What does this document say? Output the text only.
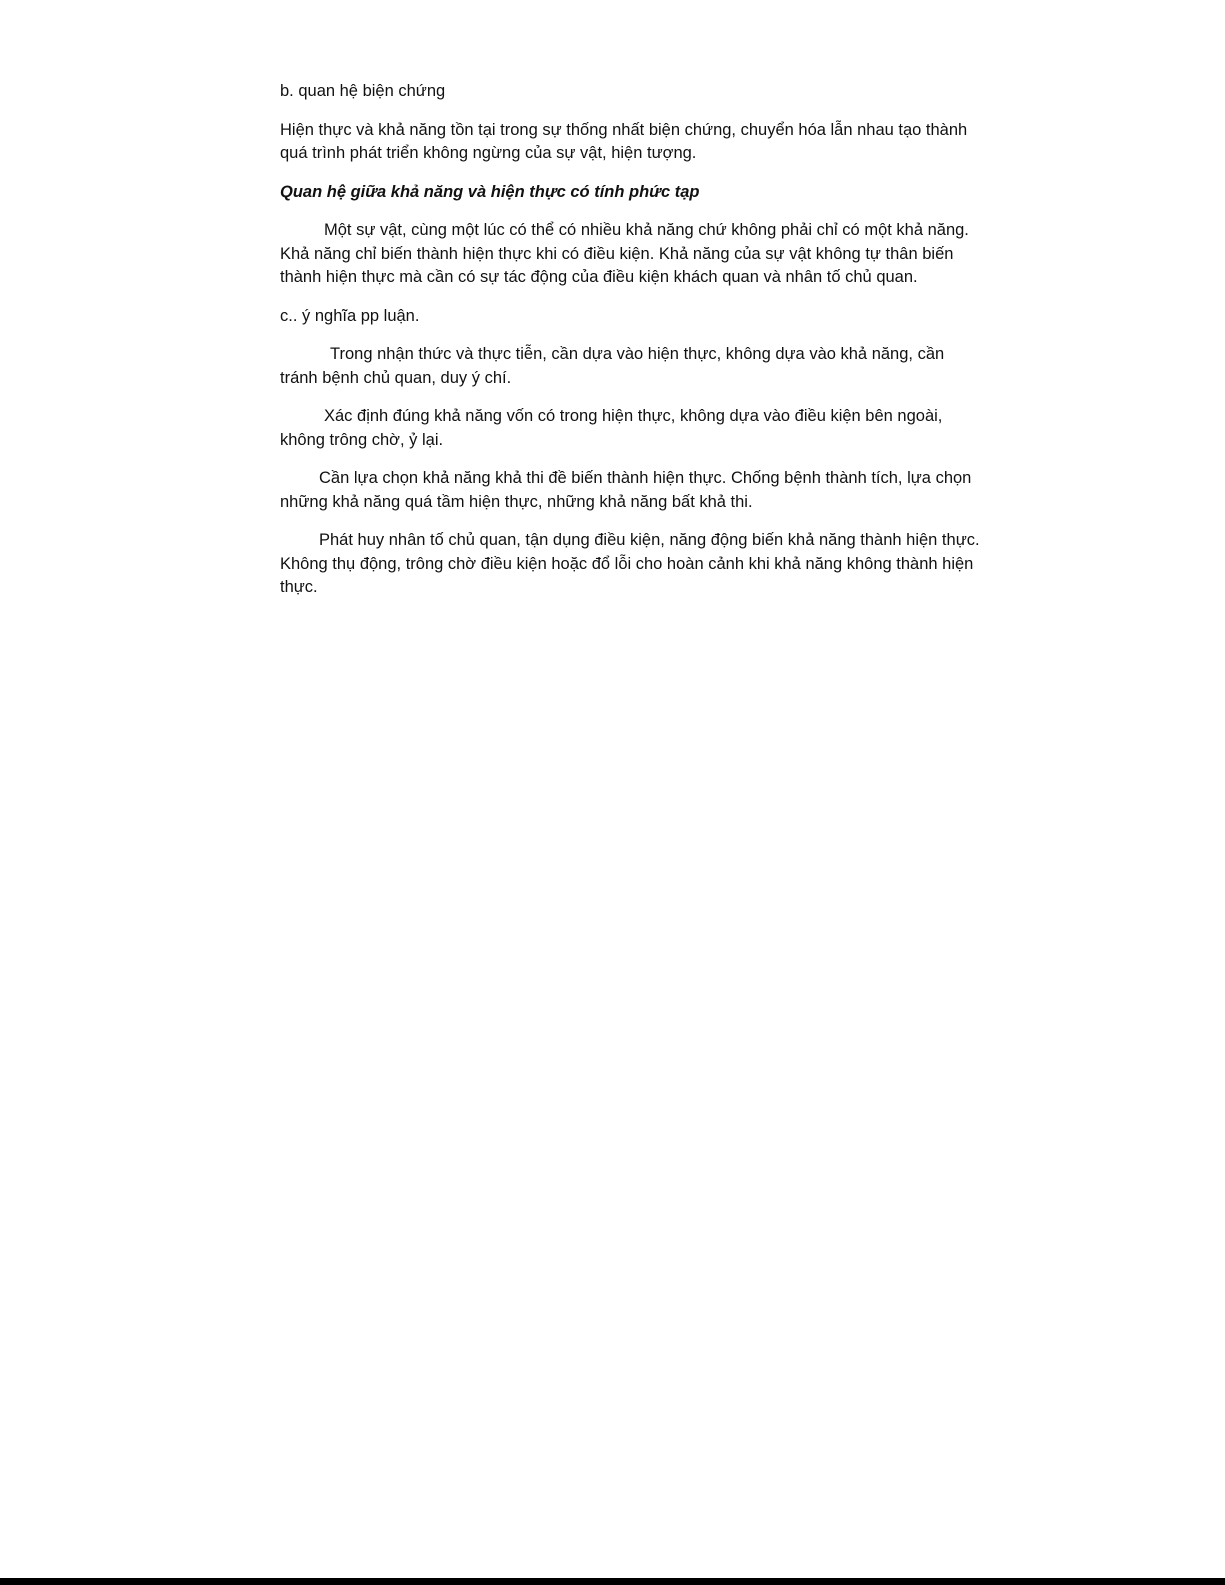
b. quan hệ biện chứng

Hiện thực và khả năng tồn tại trong sự thống nhất biện chứng, chuyển hóa lẫn nhau tạo thành quá trình phát triển không ngừng của sự vật, hiện tượng.

Quan hệ giữa khả năng và hiện thực có tính phức tạp

Một sự vật, cùng một lúc có thể có nhiều khả năng chứ không phải chỉ có một khả năng. Khả năng chỉ biến thành hiện thực khi có điều kiện. Khả năng của sự vật không tự thân biến thành hiện thực mà cần có sự tác động của điều kiện khách quan và nhân tố chủ quan.

c.. ý nghĩa pp luận.

Trong nhận thức và thực tiễn, cần dựa vào hiện thực, không dựa vào khả năng, cần tránh bệnh chủ quan, duy ý chí.

Xác định đúng khả năng vốn có trong hiện thực, không dựa vào điều kiện bên ngoài, không trông chờ, ỷ lại.

Cần lựa chọn khả năng khả thi đề biến thành hiện thực. Chống bệnh thành tích, lựa chọn những khả năng quá tầm hiện thực, những khả năng bất khả thi.

Phát huy nhân tố chủ quan, tận dụng điều kiện, năng động biến khả năng thành hiện thực. Không thụ động, trông chờ điều kiện hoặc đổ lỗi cho hoàn cảnh khi khả năng không thành hiện thực.
